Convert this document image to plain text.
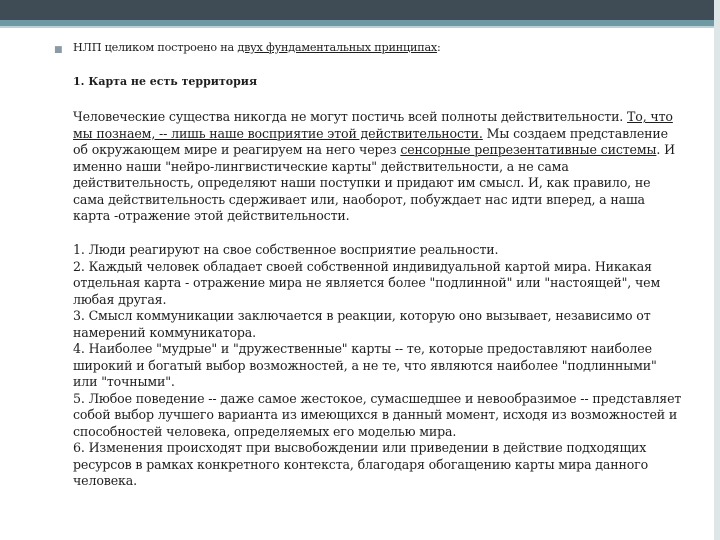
■ НЛП целиком построено на двух фундаментальных принципах:
1. Карта не есть территория
Человеческие существа никогда не могут постичь всей полноты действительности. То, что мы познаем, -- лишь наше восприятие этой действительности. Мы создаем представление об окружающем мире и реагируем на него через сенсорные репрезентативные системы. И именно наши "нейро-лингвистические карты" действительности, а не сама действительность, определяют наши поступки и придают им смысл. И, как правило, не сама действительность сдерживает или, наоборот, побуждает нас идти вперед, а наша карта -отражение этой действительности.

1. Люди реагируют на свое собственное восприятие реальности.

2. Каждый человек обладает своей собственной индивидуальной картой мира. Никакая отдельная карта - отражение мира не является более "подлинной" или "настоящей", чем любая другая.

3. Смысл коммуникации заключается в реакции, которую оно вызывает, независимо от намерений коммуникатора.

4. Наиболее "мудрые" и "дружественные" карты -- те, которые предоставляют наиболее широкий и богатый выбор возможностей, а не те, что являются наиболее "подлинными" или "точными".

5. Любое поведение -- даже самое жестокое, сумасшедшее и невообразимое -- представляет собой выбор лучшего варианта из имеющихся в данный момент, исходя из возможностей и способностей человека, определяемых его моделью мира.

6. Изменения происходят при высвобождении или приведении в действие подходящих ресурсов в рамках конкретного контекста, благодаря обогащению карты мира данного человека.
